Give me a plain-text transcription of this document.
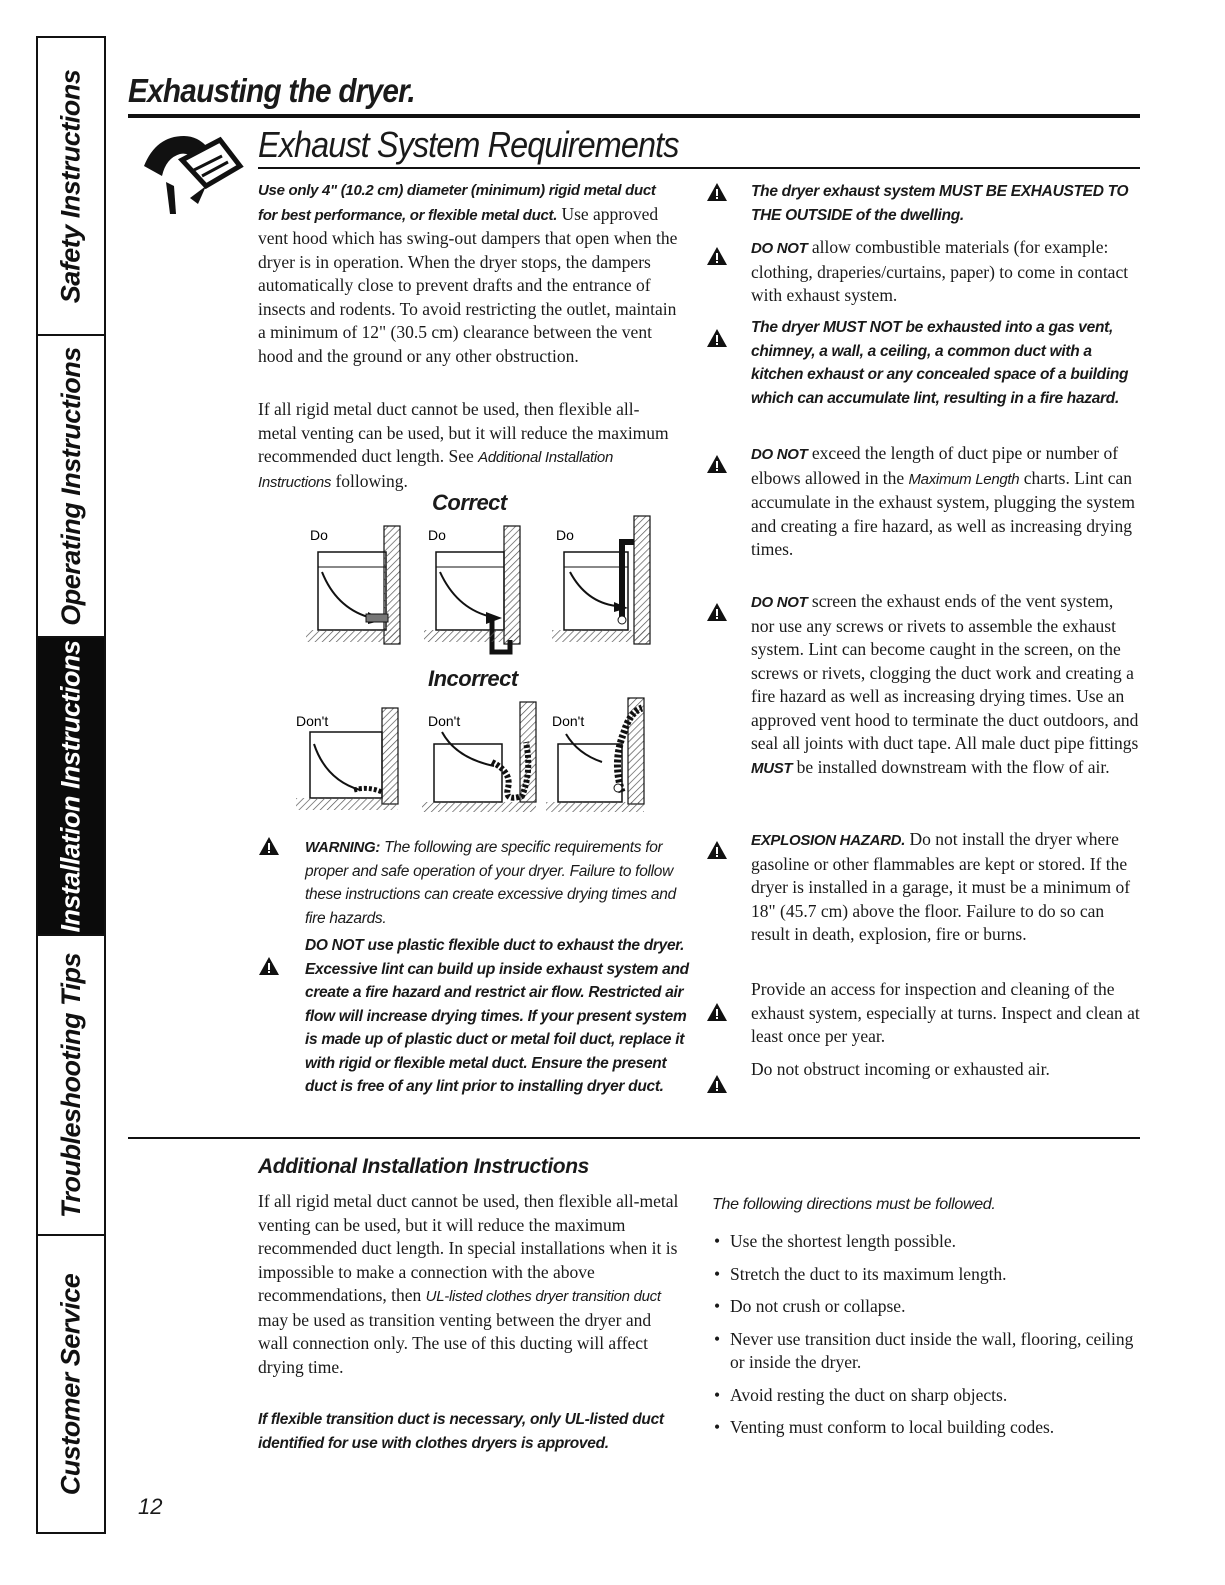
Safety Instructions
Operating Instructions
Installation Instructions
Troubleshooting Tips
Customer Service
Exhausting the dryer.
Exhaust System Requirements
Use only 4" (10.2 cm) diameter (minimum) rigid metal duct for best performance, or flexible metal duct. Use approved vent hood which has swing-out dampers that open when the dryer is in operation. When the dryer stops, the dampers automatically close to prevent drafts and the entrance of insects and rodents. To avoid restricting the outlet, maintain a minimum of 12" (30.5 cm) clearance between the vent hood and the ground or any other obstruction.
If all rigid metal duct cannot be used, then flexible all-metal venting can be used, but it will reduce the maximum recommended duct length. See Additional Installation Instructions following.
Correct
Do	Do	Do
Incorrect
Don't	Don't	Don't
WARNING: The following are specific requirements for proper and safe operation of your dryer. Failure to follow these instructions can create excessive drying times and fire hazards.
DO NOT use plastic flexible duct to exhaust the dryer. Excessive lint can build up inside exhaust system and create a fire hazard and restrict air flow. Restricted air flow will increase drying times. If your present system is made up of plastic duct or metal foil duct, replace it with rigid or flexible metal duct. Ensure the present duct is free of any lint prior to installing dryer duct.
The dryer exhaust system MUST BE EXHAUSTED TO THE OUTSIDE of the dwelling.
DO NOT allow combustible materials (for example: clothing, draperies/curtains, paper) to come in contact with exhaust system.
The dryer MUST NOT be exhausted into a gas vent, chimney, a wall, a ceiling, a common duct with a kitchen exhaust or any concealed space of a building which can accumulate lint, resulting in a fire hazard.
DO NOT exceed the length of duct pipe or number of elbows allowed in the Maximum Length charts. Lint can accumulate in the exhaust system, plugging the system and creating a fire hazard, as well as increasing drying times.
DO NOT screen the exhaust ends of the vent system, nor use any screws or rivets to assemble the exhaust system. Lint can become caught in the screen, on the screws or rivets, clogging the duct work and creating a fire hazard as well as increasing drying times. Use an approved vent hood to terminate the duct outdoors, and seal all joints with duct tape. All male duct pipe fittings MUST be installed downstream with the flow of air.
EXPLOSION HAZARD. Do not install the dryer where gasoline or other flammables are kept or stored. If the dryer is installed in a garage, it must be a minimum of 18" (45.7 cm) above the floor. Failure to do so can result in death, explosion, fire or burns.
Provide an access for inspection and cleaning of the exhaust system, especially at turns. Inspect and clean at least once per year.
Do not obstruct incoming or exhausted air.
Additional Installation Instructions
If all rigid metal duct cannot be used, then flexible all-metal venting can be used, but it will reduce the maximum recommended duct length. In special installations when it is impossible to make a connection with the above recommendations, then UL-listed clothes dryer transition duct may be used as transition venting between the dryer and wall connection only. The use of this ducting will affect drying time.
If flexible transition duct is necessary, only UL-listed duct identified for use with clothes dryers is approved.
The following directions must be followed.
• Use the shortest length possible.
• Stretch the duct to its maximum length.
• Do not crush or collapse.
• Never use transition duct inside the wall, flooring, ceiling or inside the dryer.
• Avoid resting the duct on sharp objects.
• Venting must conform to local building codes.
12
